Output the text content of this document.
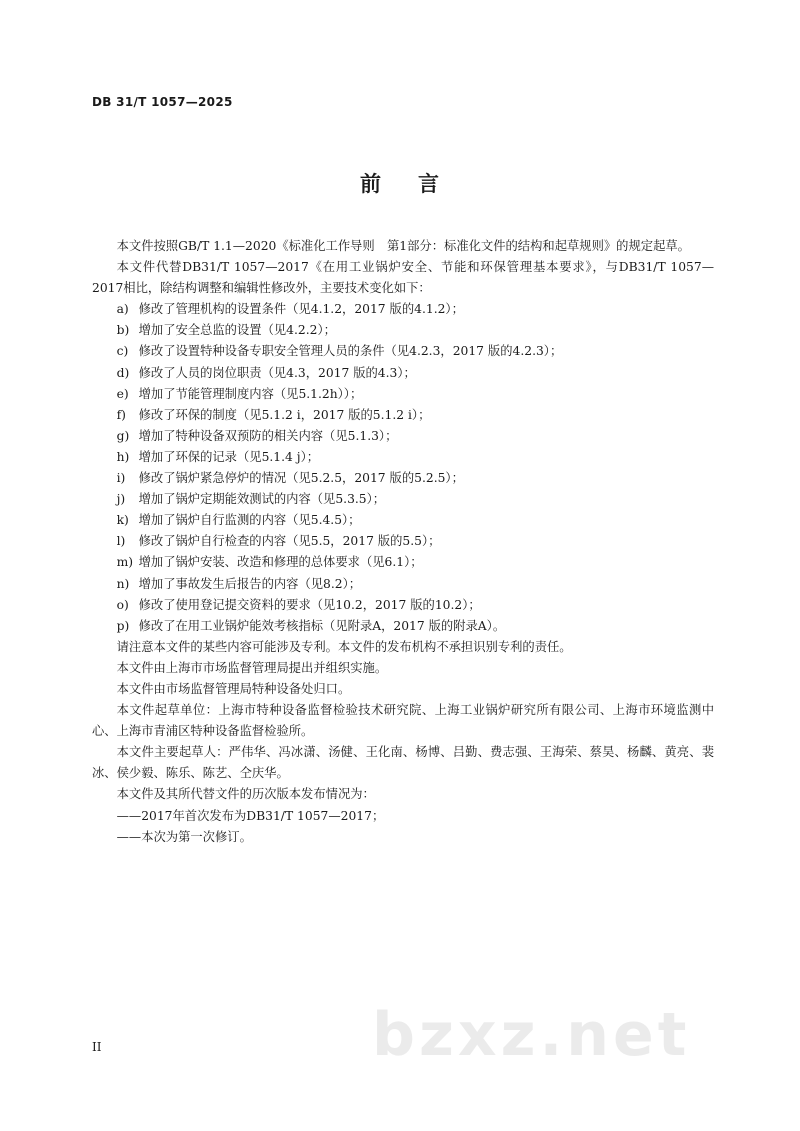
DB 31/T 1057—2025
前 言
本文件按照GB/T 1.1—2020《标准化工作导则　第1部分：标准化文件的结构和起草规则》的规定起草。
本文件代替DB31/T 1057—2017《在用工业锅炉安全、节能和环保管理基本要求》，与DB31/T 1057—2017相比，除结构调整和编辑性修改外，主要技术变化如下：
a) 修改了管理机构的设置条件（见4.1.2，2017 版的4.1.2）；
b) 增加了安全总监的设置（见4.2.2）；
c) 修改了设置特种设备专职安全管理人员的条件（见4.2.3，2017 版的4.2.3）；
d) 修改了人员的岗位职责（见4.3，2017 版的4.3）；
e) 增加了节能管理制度内容（见5.1.2h））；
f) 修改了环保的制度（见5.1.2 i，2017 版的5.1.2 i）；
g) 增加了特种设备双预防的相关内容（见5.1.3）；
h) 增加了环保的记录（见5.1.4 j）；
i) 修改了锅炉紧急停炉的情况（见5.2.5，2017 版的5.2.5）；
j) 增加了锅炉定期能效测试的内容（见5.3.5）；
k) 增加了锅炉自行监测的内容（见5.4.5）；
l) 修改了锅炉自行检查的内容（见5.5，2017 版的5.5）；
m) 增加了锅炉安装、改造和修理的总体要求（见6.1）；
n) 增加了事故发生后报告的内容（见8.2）；
o) 修改了使用登记提交资料的要求（见10.2，2017 版的10.2）；
p) 修改了在用工业锅炉能效考核指标（见附录A，2017 版的附录A）。
请注意本文件的某些内容可能涉及专利。本文件的发布机构不承担识别专利的责任。
本文件由上海市市场监督管理局提出并组织实施。
本文件由市场监督管理局特种设备处归口。
本文件起草单位：上海市特种设备监督检验技术研究院、上海工业锅炉研究所有限公司、上海市环境监测中心、上海市青浦区特种设备监督检验所。
本文件主要起草人：严伟华、冯冰潇、汤健、王化南、杨博、吕勤、费志强、王海荣、蔡昊、杨麟、黄亮、裴冰、侯少毅、陈乐、陈艺、仝庆华。
本文件及其所代替文件的历次版本发布情况为：
——2017年首次发布为DB31/T 1057—2017；
——本次为第一次修订。
bzxz.net
II
